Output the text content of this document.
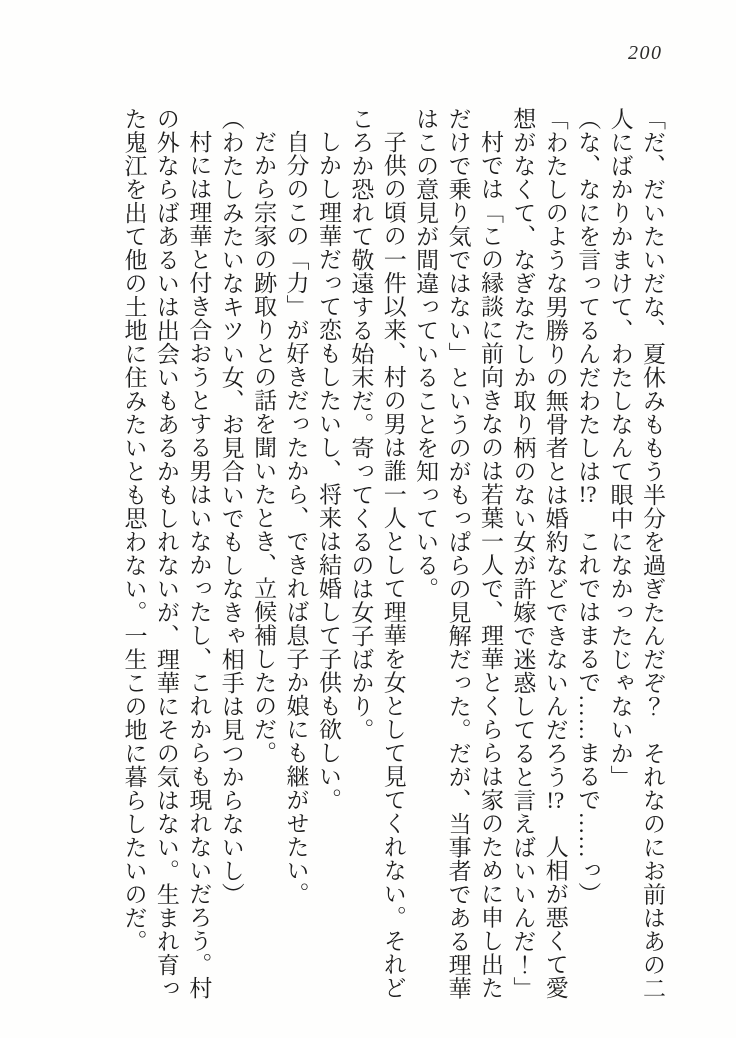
200
「だ、だいたいだな、夏休みももう半分を過ぎたんだぞ？　それなのにお前はあの二
人にばかりかまけて、わたしなんて眼中になかったじゃないか」
（な、なにを言ってるんだわたしは!?　これではまるで……まるで……っ）
「わたしのような男勝りの無骨者とは婚約などできないんだろう!?　人相が悪くて愛
想がなくて、なぎなたしか取り柄のない女が許嫁で迷惑してると言えばいいんだ！」
村では「この縁談に前向きなのは若葉一人で、理華とくららは家のために申し出た
だけで乗り気ではない」というのがもっぱらの見解だった。だが、当事者である理華
はこの意見が間違っていることを知っている。
子供の頃の一件以来、村の男は誰一人として理華を女として見てくれない。それど
ころか恐れて敬遠する始末だ。寄ってくるのは女子ばかり。
しかし理華だって恋もしたいし、将来は結婚して子供も欲しい。
自分のこの「力」が好きだったから、できれば息子か娘にも継がせたい。
だから宗家の跡取りとの話を聞いたとき、立候補したのだ。
（わたしみたいなキツい女、お見合いでもしなきゃ相手は見つからないし）
村には理華と付き合おうとする男はいなかったし、これからも現れないだろう。村
の外ならばあるいは出会いもあるかもしれないが、理華にその気はない。生まれ育っ
た鬼江を出て他の土地に住みたいとも思わない。一生この地に暮らしたいのだ。
